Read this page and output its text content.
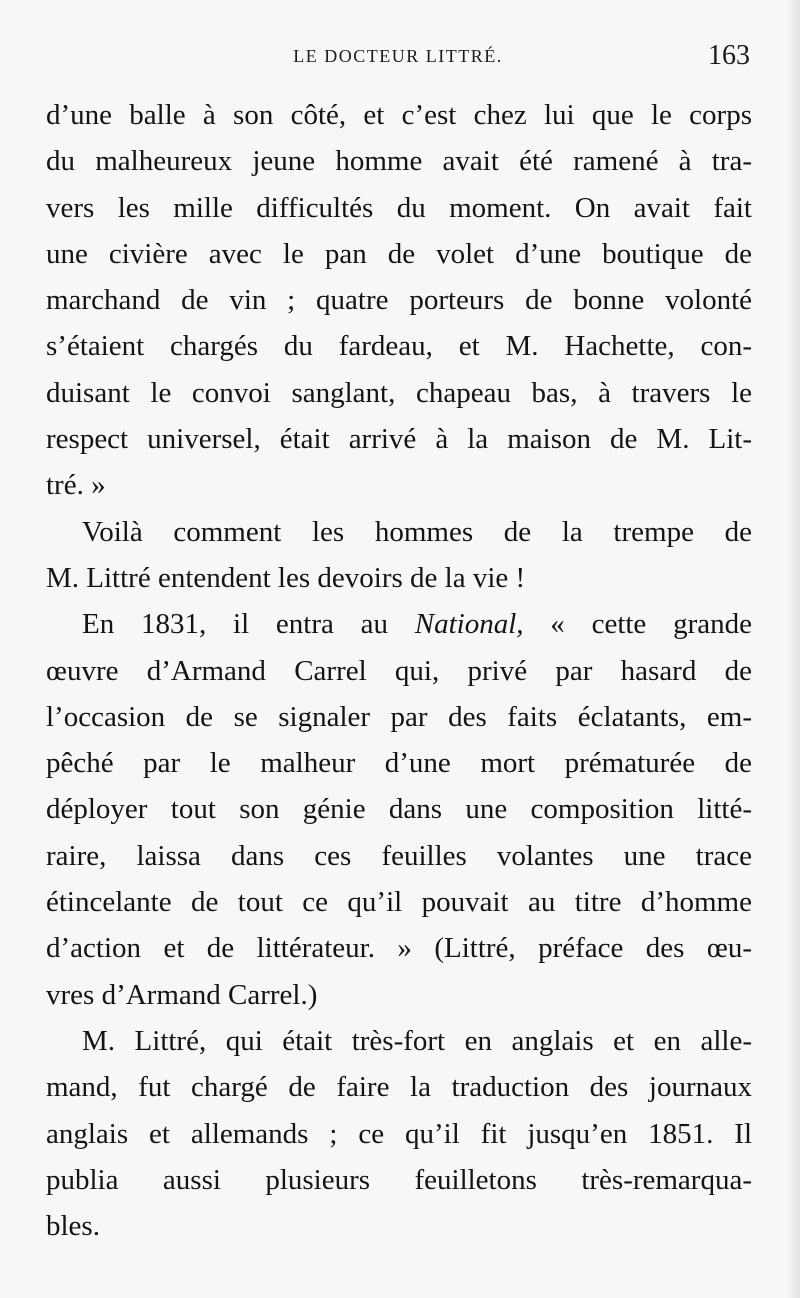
LE DOCTEUR LITTRÉ.	163
d’une balle à son côté, et c’est chez lui que le corps
du malheureux jeune homme avait été ramené à tra-
vers les mille difficultés du moment. On avait fait
une civière avec le pan de volet d’une boutique de
marchand de vin ; quatre porteurs de bonne volonté
s’étaient chargés du fardeau, et M. Hachette, con-
duisant le convoi sanglant, chapeau bas, à travers le
respect universel, était arrivé à la maison de M. Lit-
tré. »
Voilà comment les hommes de la trempe de
M. Littré entendent les devoirs de la vie !
En 1831, il entra au National, « cette grande
œuvre d’Armand Carrel qui, privé par hasard de
l’occasion de se signaler par des faits éclatants, em-
pêché par le malheur d’une mort prématurée de
déployer tout son génie dans une composition litté-
raire, laissa dans ces feuilles volantes une trace
étincelante de tout ce qu’il pouvait au titre d’homme
d’action et de littérateur. » (Littré, préface des œu-
vres d’Armand Carrel.)
M. Littré, qui était très-fort en anglais et en alle-
mand, fut chargé de faire la traduction des journaux
anglais et allemands ; ce qu’il fit jusqu’en 1851. Il
publia aussi plusieurs feuilletons très-remarqua-
bles.
